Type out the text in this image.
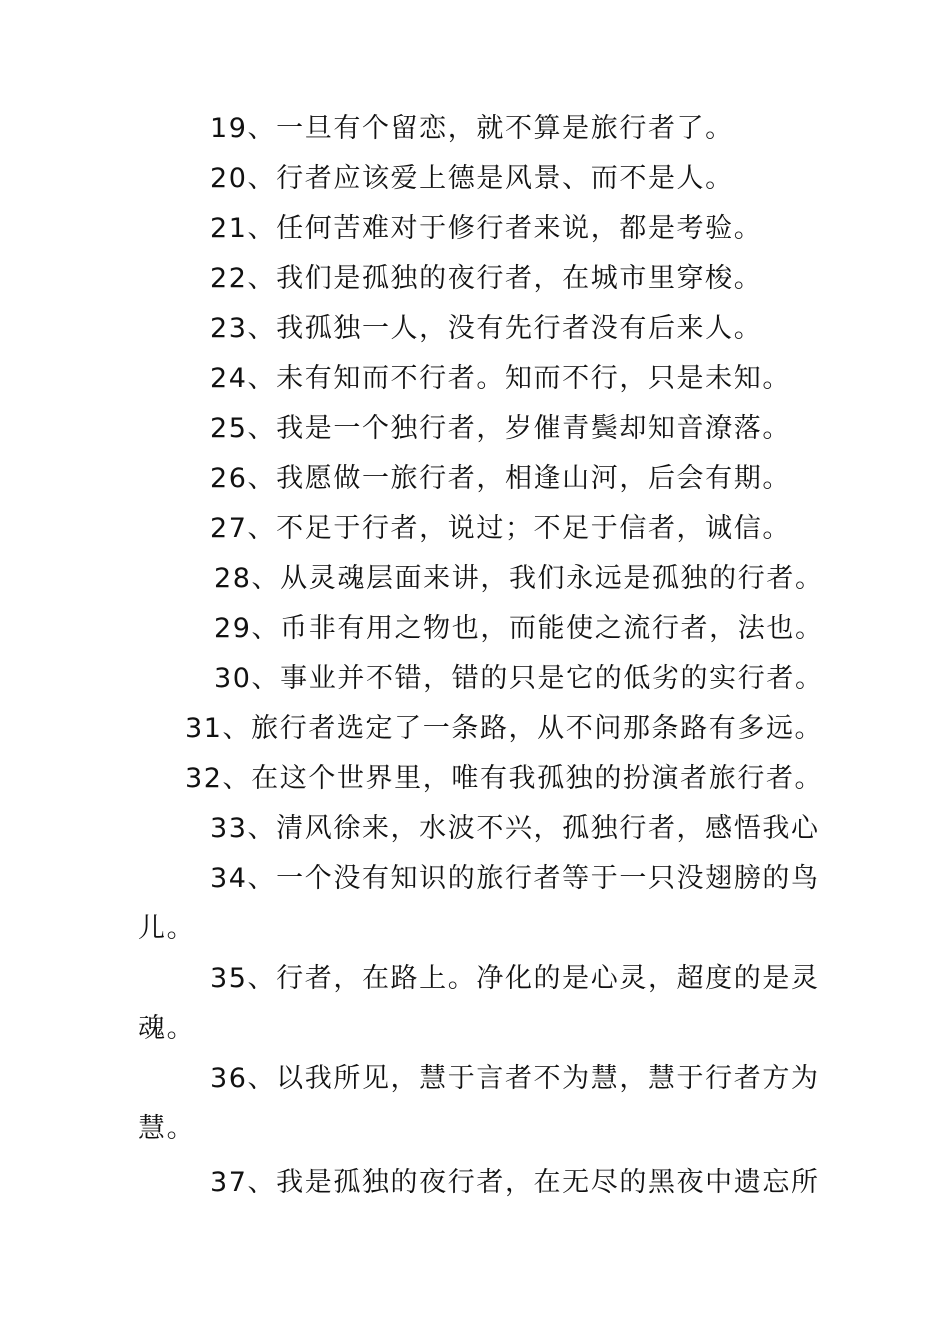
19、一旦有个留恋，就不算是旅行者了。
20、行者应该爱上德是风景、而不是人。
21、任何苦难对于修行者来说，都是考验。
22、我们是孤独的夜行者，在城市里穿梭。
23、我孤独一人，没有先行者没有后来人。
24、未有知而不行者。知而不行，只是未知。
25、我是一个独行者，岁催青鬓却知音潦落。
26、我愿做一旅行者，相逢山河，后会有期。
27、不足于行者，说过；不足于信者，诚信。
28、从灵魂层面来讲，我们永远是孤独的行者。
29、币非有用之物也，而能使之流行者，法也。
30、事业并不错，错的只是它的低劣的实行者。
31、旅行者选定了一条路，从不问那条路有多远。
32、在这个世界里，唯有我孤独的扮演者旅行者。
33、清风徐来，水波不兴，孤独行者，感悟我心
34、一个没有知识的旅行者等于一只没翅膀的鸟
儿。
35、行者，在路上。净化的是心灵，超度的是灵
魂。
36、以我所见，慧于言者不为慧，慧于行者方为
慧。
37、我是孤独的夜行者，在无尽的黑夜中遗忘所
